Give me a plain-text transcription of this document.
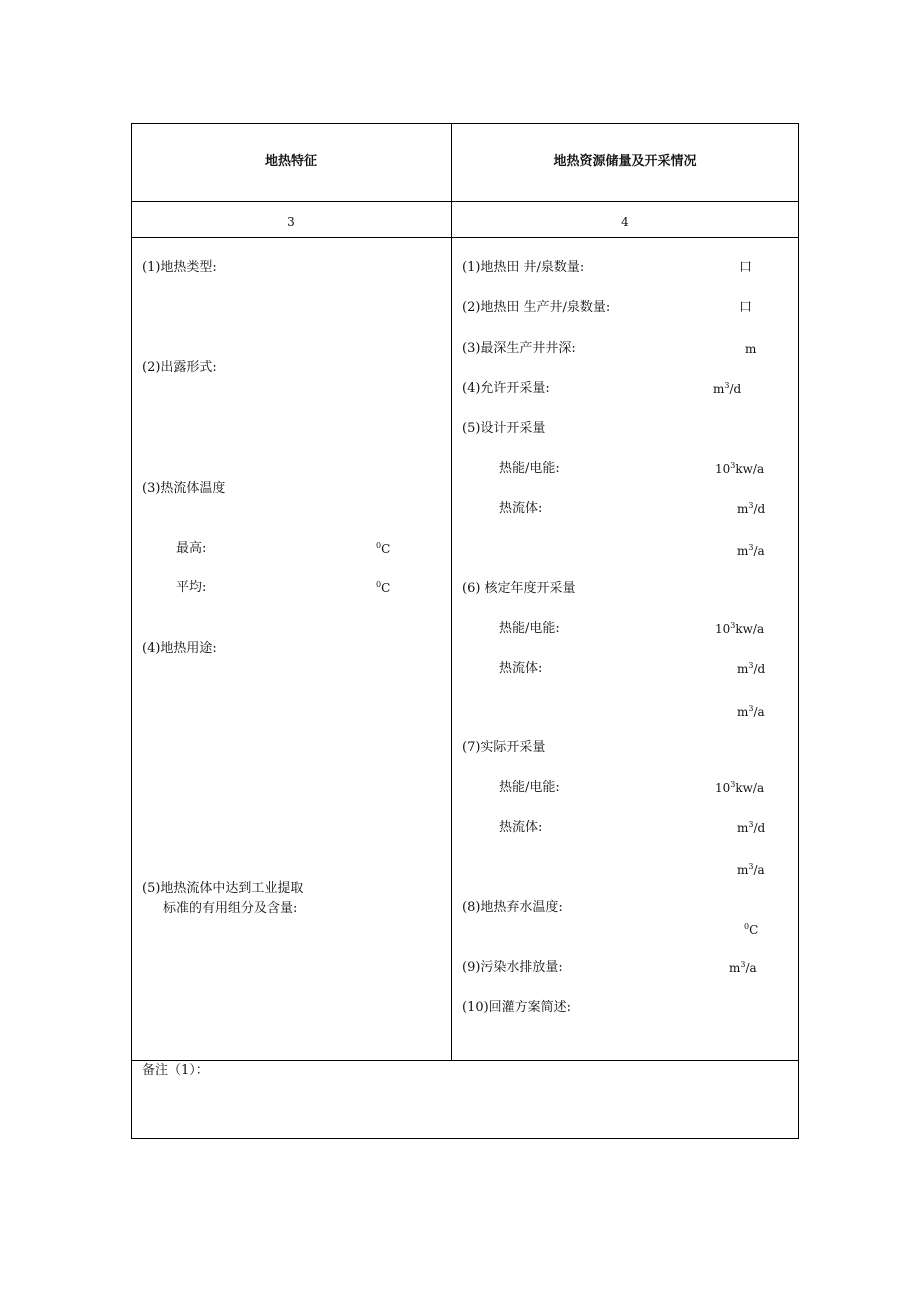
地热特征	地热资源储量及开采情况
3	4
(1)地热类型:
(2)出露形式:
(3)热流体温度
最高:	$^0$C
平均:	$^0$C
(4)地热用途:
(5)地热流体中达到工业提取
标准的有用组分及含量:
(1)地热田 井/泉数量:	口
(2)地热田 生产井/泉数量:	口
(3)最深生产井井深:	m
(4)允许开采量:	$m^3/d$
(5)设计开采量
热能/电能:	$10^3kw/a$
热流体:	$m^3/d$
$m^3/a$
(6) 核定年度开采量
热能/电能:	$10^3kw/a$
热流体:	$m^3/d$
$m^3/a$
(7)实际开采量
热能/电能:	$10^3kw/a$
热流体:	$m^3/d$
$m^3/a$
(8)地热弃水温度:
$^0$C
(9)污染水排放量:	$m^3/a$
(10)回灌方案简述:
备注（1）：
